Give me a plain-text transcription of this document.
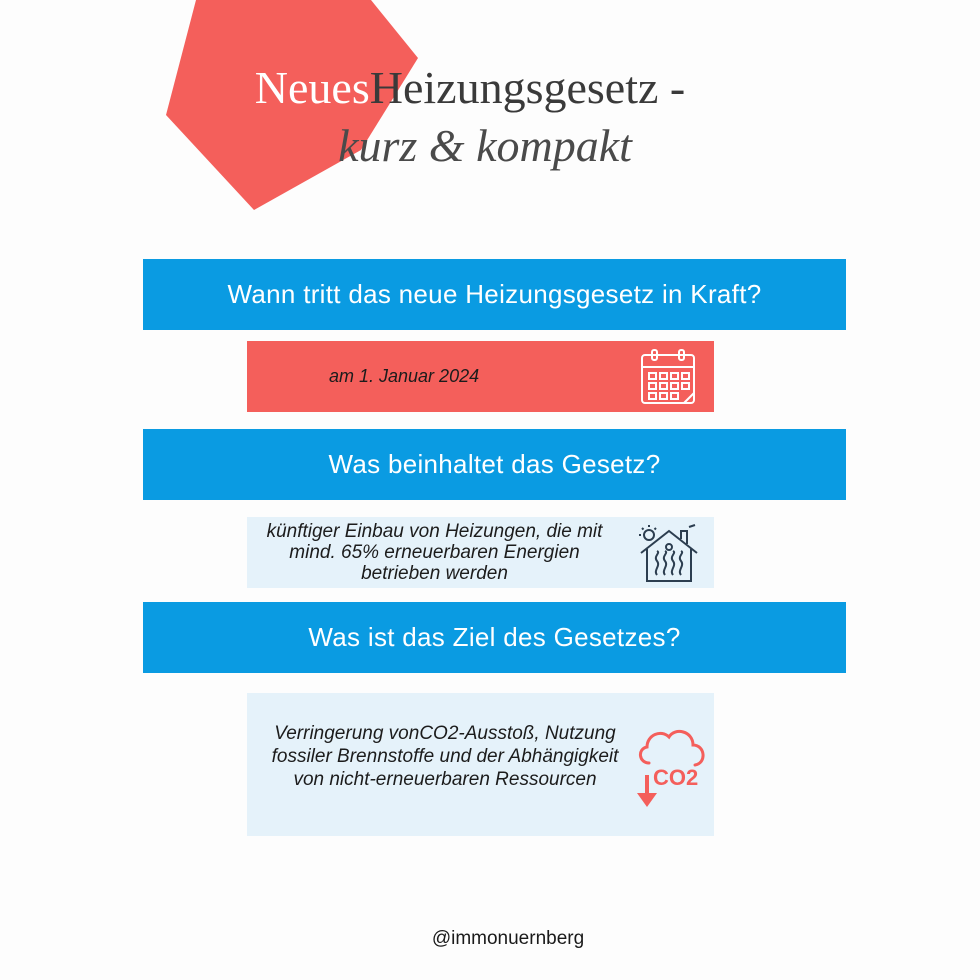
NeuesHeizungsgesetz -
kurz & kompakt
Wann tritt das neue Heizungsgesetz in Kraft?
am 1. Januar 2024
Was beinhaltet das Gesetz?
künftiger Einbau von Heizungen, die mit mind. 65% erneuerbaren Energien betrieben werden
Was ist das Ziel des Gesetzes?
Verringerung vonCO2-Ausstoß, Nutzung fossiler Brennstoffe und der Abhängigkeit von nicht-erneuerbaren Ressourcen	CO2
@immonuernberg
